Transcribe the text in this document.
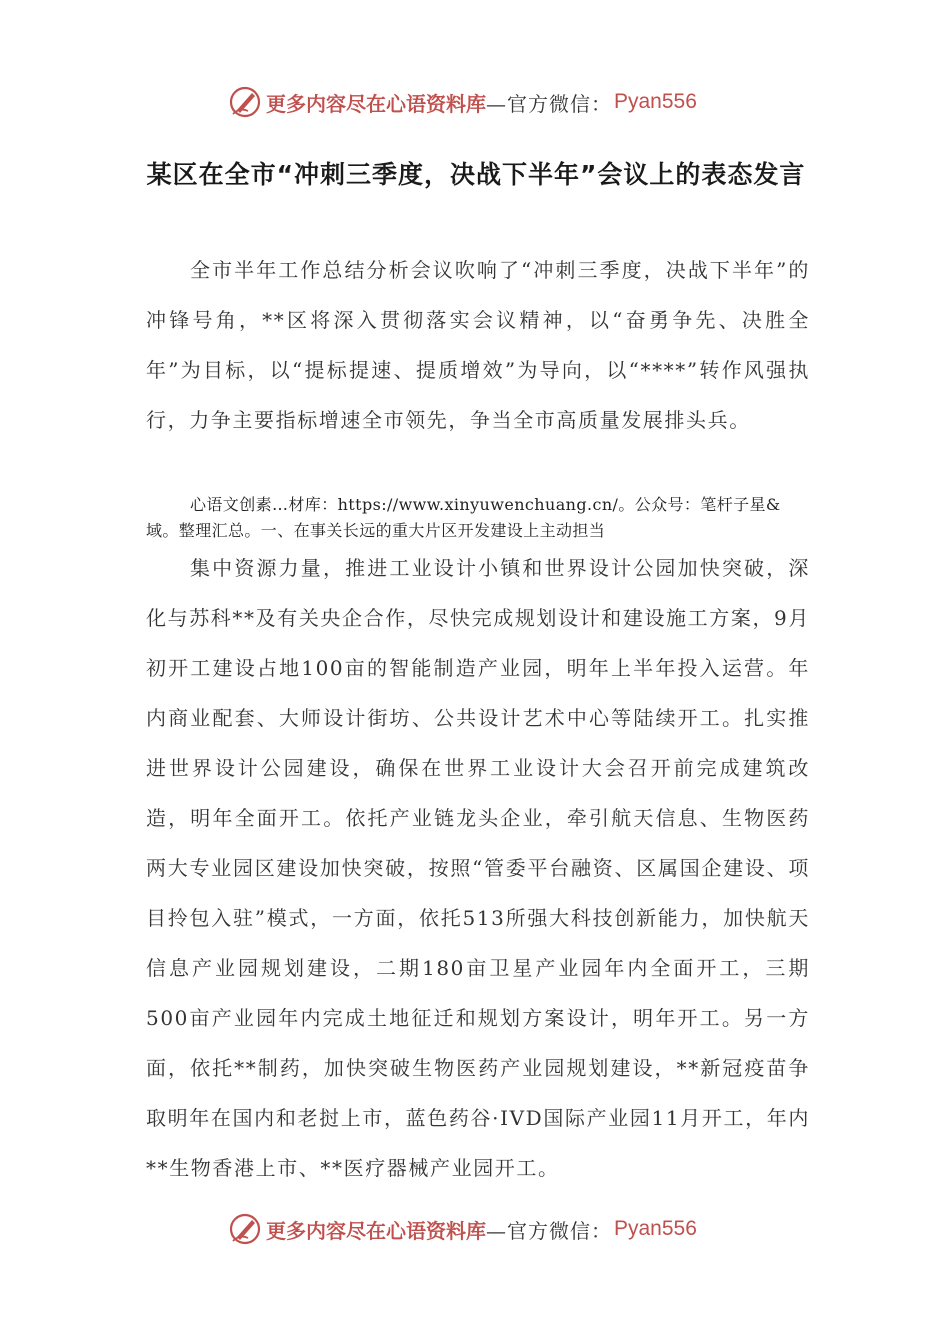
更多内容尽在心语资料库 —官方微信： Pyan556
某区在全市“冲刺三季度，决战下半年”会议上的表态发言

全市半年工作总结分析会议吹响了“冲刺三季度，决战下半年”的冲锋号角，**区将深入贯彻落实会议精神，以“奋勇争先、决胜全年”为目标，以“提标提速、提质增效”为导向，以“****”转作风强执行，力争主要指标增速全市领先，争当全市高质量发展排头兵。

心语文创素…材库：https://www.xinyuwenchuang.cn/。公众号：笔杆子星&域。整理汇总。一、在事关长远的重大片区开发建设上主动担当

集中资源力量，推进工业设计小镇和世界设计公园加快突破，深化与苏科**及有关央企合作，尽快完成规划设计和建设施工方案，9月初开工建设占地100亩的智能制造产业园，明年上半年投入运营。年内商业配套、大师设计街坊、公共设计艺术中心等陆续开工。扎实推进世界设计公园建设，确保在世界工业设计大会召开前完成建筑改造，明年全面开工。依托产业链龙头企业，牵引航天信息、生物医药两大专业园区建设加快突破，按照“管委平台融资、区属国企建设、项目拎包入驻”模式，一方面，依托513所强大科技创新能力，加快航天信息产业园规划建设，二期180亩卫星产业园年内全面开工，三期500亩产业园年内完成土地征迁和规划方案设计，明年开工。另一方面，依托**制药，加快突破生物医药产业园规划建设，**新冠疫苗争取明年在国内和老挝上市，蓝色药谷·IVD国际产业园11月开工，年内**生物香港上市、**医疗器械产业园开工。

更多内容尽在心语资料库 —官方微信： Pyan556
